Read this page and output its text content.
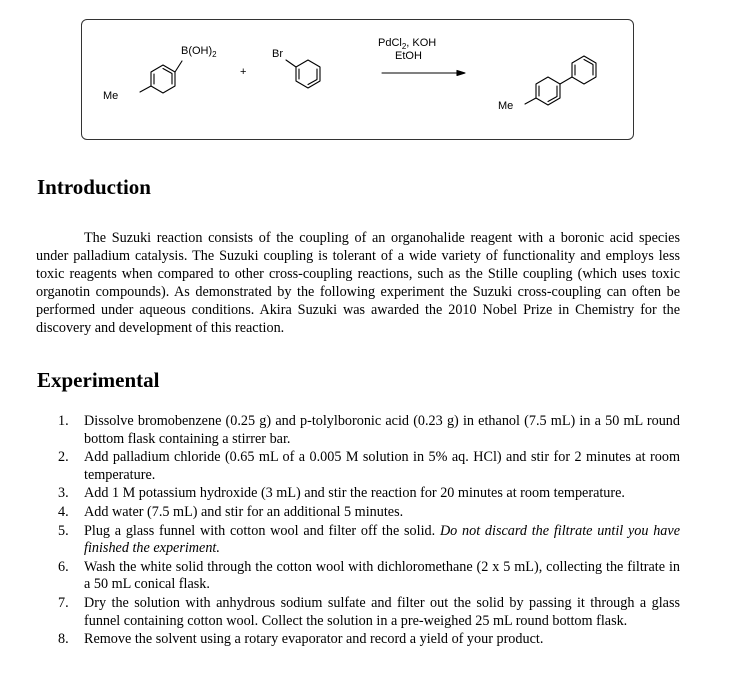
$B(OH)_2$
Me
+
Br
PdCl$_2$, KOH
EtOH
Me
Introduction

The Suzuki reaction consists of the coupling of an organohalide reagent with a boronic acid species under palladium catalysis. The Suzuki coupling is tolerant of a wide variety of functionality and employs less toxic reagents when compared to other cross-coupling reactions, such as the Stille coupling (which uses toxic organotin compounds). As demonstrated by the following experiment the Suzuki cross-coupling can often be performed under aqueous conditions. Akira Suzuki was awarded the 2010 Nobel Prize in Chemistry for the discovery and development of this reaction.

Experimental
1. Dissolve bromobenzene (0.25 g) and p-tolylboronic acid (0.23 g) in ethanol (7.5 mL) in a 50 mL round bottom flask containing a stirrer bar.
2. Add palladium chloride (0.65 mL of a 0.005 M solution in 5% aq. HCl) and stir for 2 minutes at room temperature.
3. Add 1 M potassium hydroxide (3 mL) and stir the reaction for 20 minutes at room temperature.
4. Add water (7.5 mL) and stir for an additional 5 minutes.
5. Plug a glass funnel with cotton wool and filter off the solid. Do not discard the filtrate until you have finished the experiment.
6. Wash the white solid through the cotton wool with dichloromethane (2 x 5 mL), collecting the filtrate in a 50 mL conical flask.
7. Dry the solution with anhydrous sodium sulfate and filter out the solid by passing it through a glass funnel containing cotton wool. Collect the solution in a pre-weighed 25 mL round bottom flask.
8. Remove the solvent using a rotary evaporator and record a yield of your product.
